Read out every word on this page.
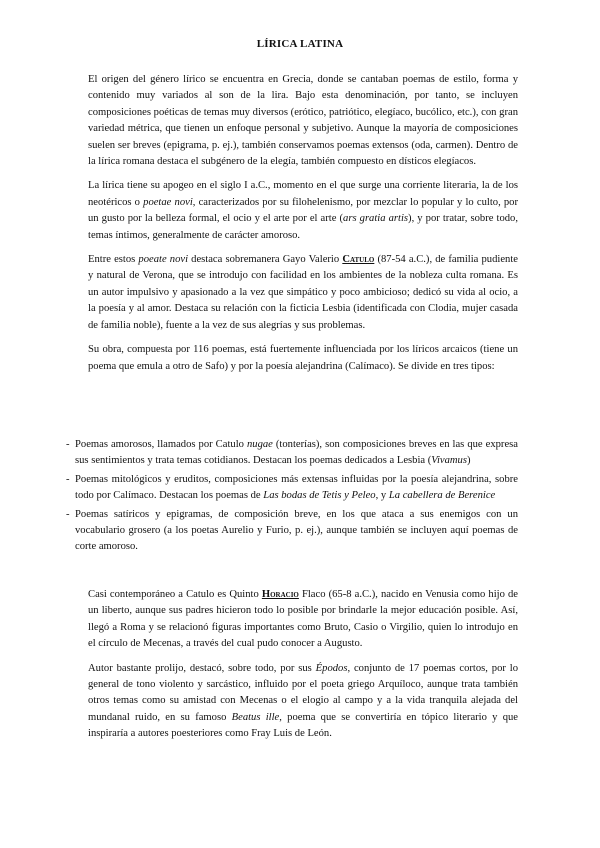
LÍRICA LATINA

El origen del género lírico se encuentra en Grecia, donde se cantaban poemas de estilo, forma y contenido muy variados al son de la lira. Bajo esta denominación, por tanto, se incluyen composiciones poéticas de temas muy diversos (erótico, patriótico, elegíaco, bucólico, etc.), con gran variedad métrica, que tienen un enfoque personal y subjetivo. Aunque la mayoría de composiciones suelen ser breves (epigrama, p. ej.), también conservamos poemas extensos (oda, carmen). Dentro de la lírica romana destaca el subgénero de la elegía, también compuesto en dísticos elegíacos.

La lírica tiene su apogeo en el siglo I a.C., momento en el que surge una corriente literaria, la de los neotéricos o poetae novi, caracterizados por su filohelenismo, por mezclar lo popular y lo culto, por un gusto por la belleza formal, el ocio y el arte por el arte (ars gratia artis), y por tratar, sobre todo, temas íntimos, generalmente de carácter amoroso.

Entre estos poeate novi destaca sobremanera Gayo Valerio Catulo (87-54 a.C.), de familia pudiente y natural de Verona, que se introdujo con facilidad en los ambientes de la nobleza culta romana. Es un autor impulsivo y apasionado a la vez que simpático y poco ambicioso; dedicó su vida al ocio, a la poesía y al amor. Destaca su relación con la ficticia Lesbia (identificada con Clodia, mujer casada de familia noble), fuente a la vez de sus alegrías y sus problemas.

Su obra, compuesta por 116 poemas, está fuertemente influenciada por los líricos arcaicos (tiene un poema que emula a otro de Safo) y por la poesía alejandrina (Calímaco). Se divide en tres tipos:

- Poemas amorosos, llamados por Catulo nugae (tonterías), son composiciones breves en las que expresa sus sentimientos y trata temas cotidianos. Destacan los poemas dedicados a Lesbia (Vivamus)
- Poemas mitológicos y eruditos, composiciones más extensas influidas por la poesía alejandrina, sobre todo por Calímaco. Destacan los poemas de Las bodas de Tetis y Peleo, y La cabellera de Berenice
- Poemas satíricos y epigramas, de composición breve, en los que ataca a sus enemigos con un vocabulario grosero (a los poetas Aurelio y Furio, p. ej.), aunque también se incluyen aquí poemas de corte amoroso.

Casi contemporáneo a Catulo es Quinto Horacio Flaco (65-8 a.C.), nacido en Venusia como hijo de un liberto, aunque sus padres hicieron todo lo posible por brindarle la mejor educación posible. Así, llegó a Roma y se relacionó figuras importantes como Bruto, Casio o Virgilio, quien lo introdujo en el círculo de Mecenas, a través del cual pudo conocer a Augusto.

Autor bastante prolijo, destacó, sobre todo, por sus Épodos, conjunto de 17 poemas cortos, por lo general de tono violento y sarcástico, influido por el poeta griego Arquíloco, aunque trata también otros temas como su amistad con Mecenas o el elogio al campo y a la vida tranquila alejada del mundanal ruido, en su famoso Beatus ille, poema que se convertiría en tópico literario y que inspiraría a autores poesteriores como Fray Luis de León.
